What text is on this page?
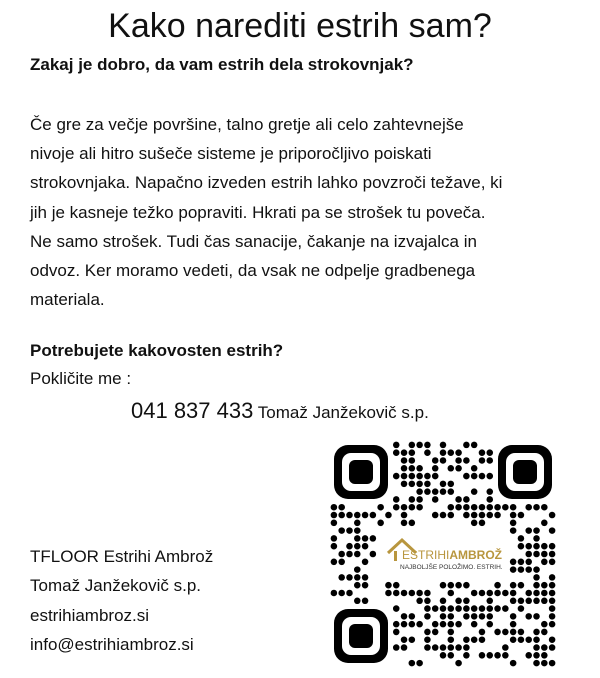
Kako narediti estrih sam?
Zakaj je dobro, da vam estrih dela strokovnjak?
Če gre za večje površine, talno gretje ali celo zahtevnejše
nivoje ali hitro sušeče sisteme je priporočljivo poiskati
strokovnjaka. Napačno izveden estrih lahko povzroči težave, ki
jih je kasneje težko popraviti. Hkrati pa se strošek tu poveča.
Ne samo strošek. Tudi čas sanacije, čakanje na izvajalca in
odvoz. Ker moramo vedeti, da vsak ne odpelje gradbenega
materiala.
Potrebujete kakovosten estrih?
Pokličite me :
041 837 433 Tomaž Janžekovič s.p.
TFLOOR Estrihi Ambrož
Tomaž Janžekovič s.p.
estrihiambroz.si
info@estrihiambroz.si
ESTRIHIAMBROŽ
NAJBOLJŠE POLOŽIMO. ESTRIH.
